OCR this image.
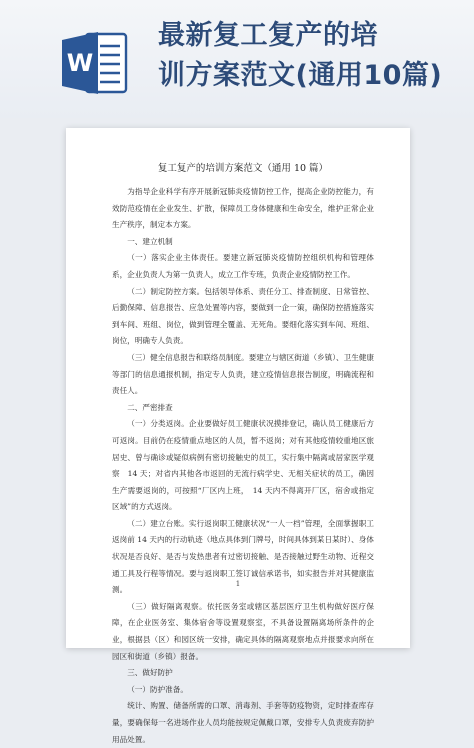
W
最新复工复产的培
训方案范文(通用10篇)
复工复产的培训方案范文（通用 10 篇）

为指导企业科学有序开展新冠肺炎疫情防控工作，提高企业防控能力，有效防范疫情在企业发生、扩散，保障员工身体健康和生命安全，维护正常企业生产秩序，制定本方案。

一、建立机制

（一）落实企业主体责任。要建立新冠肺炎疫情防控组织机构和管理体系，企业负责人为第一负责人，成立工作专班，负责企业疫情防控工作。

（二）制定防控方案。包括领导体系、责任分工、排查制度、日常管控、后勤保障、信息报告、应急处置等内容，要做到一企一策，确保防控措施落实到车间、班组、岗位，做到管理全覆盖、无死角。要细化落实到车间、班组、岗位，明确专人负责。

（三）健全信息报告和联络员制度。要建立与辖区街道（乡镇）、卫生健康等部门的信息通报机制，指定专人负责，建立疫情信息报告制度，明确流程和责任人。

二、严密排查

（一）分类返岗。企业要做好员工健康状况摸排登记，确认员工健康后方可返岗。目前仍在疫情重点地区的人员，暂不返岗；对有其他疫情较重地区旅居史、曾与确诊或疑似病例有密切接触史的员工，实行集中隔离或居家医学观察　14 天；对省内其他各市返回的无流行病学史、无相关症状的员工，确因生产需要返岗的，可按照“厂区内上班，　14 天内不得离开厂区，宿舍或指定区域”的方式返岗。

（二）建立台账。实行返岗职工健康状况“一人一档”管理，全面掌握职工返岗前 14 天内的行动轨迹（地点具体到门牌号，时间具体到某日某时）、身体状况是否良好、是否与发热患者有过密切接触、是否接触过野生动物、近程交通工具及行程等情况。要与返岗职工签订诚信承诺书，如实报告并对其健康监测。

（三）做好隔离观察。依托医务室或辖区基层医疗卫生机构做好医疗保障，在企业医务室、集体宿舍等设置观察室，不具备设置隔离场所条件的企业，根据县（区）和园区统一安排，确定具体的隔离观察地点并报要求向所在园区和街道（乡镇）报备。

三、做好防护

（一）防护准备。

统计、购置、储备所需的口罩、消毒剂、手套等防疫物资，定时排查库存量，要确保每一名进场作业人员均能按规定佩戴口罩，安排专人负责废弃防护用品处置。

1
